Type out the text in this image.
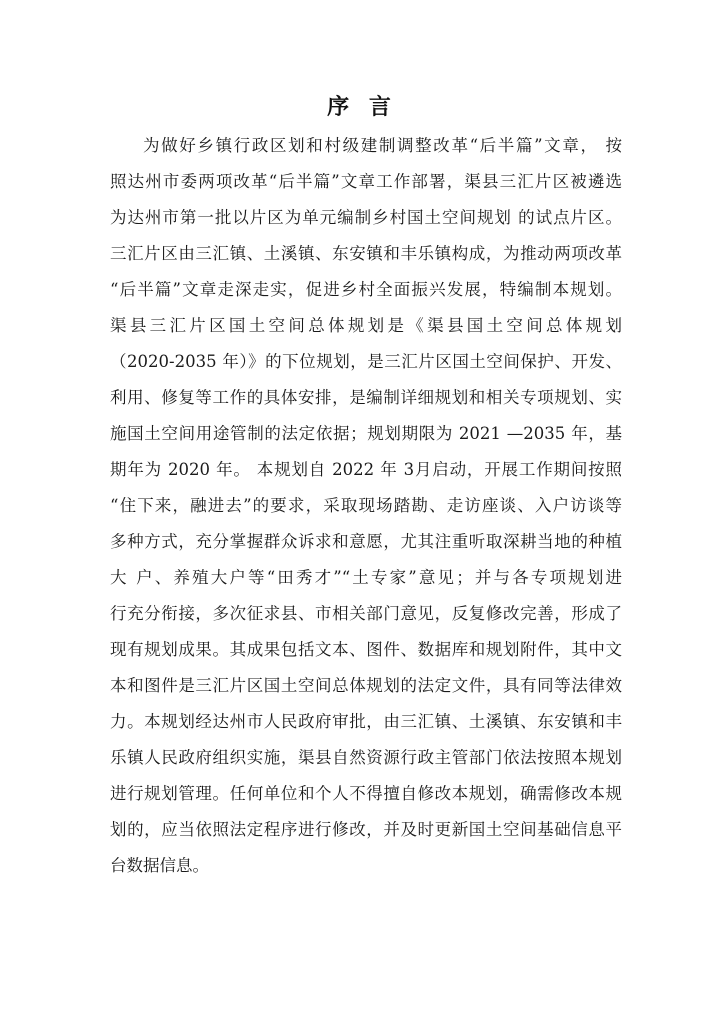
序 言
为做好乡镇行政区划和村级建制调整改革“后半篇”文章， 按
照达州市委两项改革“后半篇”文章工作部署，渠县三汇片区被遴选
为达州市第一批以片区为单元编制乡村国土空间规划 的试点片区。
三汇片区由三汇镇、土溪镇、东安镇和丰乐镇构成，为推动两项改革
“后半篇”文章走深走实，促进乡村全面振兴发展，特编制本规划。
渠县三汇片区国土空间总体规划是《渠县国土空间总体规划
（2020-2035 年）》的下位规划，是三汇片区国土空间保护、开发、
利用、修复等工作的具体安排，是编制详细规划和相关专项规划、实
施国土空间用途管制的法定依据；规划期限为 2021 —2035 年，基
期年为 2020 年。 本规划自 2022 年 3月启动，开展工作期间按照
“住下来，融进去”的要求，采取现场踏勘、走访座谈、入户访谈等
多种方式，充分掌握群众诉求和意愿，尤其注重听取深耕当地的种植
大 户、养殖大户等“田秀才”“土专家”意见；并与各专项规划进
行充分衔接，多次征求县、市相关部门意见，反复修改完善，形成了
现有规划成果。其成果包括文本、图件、数据库和规划附件，其中文
本和图件是三汇片区国土空间总体规划的法定文件，具有同等法律效
力。本规划经达州市人民政府审批，由三汇镇、土溪镇、东安镇和丰
乐镇人民政府组织实施，渠县自然资源行政主管部门依法按照本规划
进行规划管理。任何单位和个人不得擅自修改本规划，确需修改本规
划的，应当依照法定程序进行修改，并及时更新国土空间基础信息平
台数据信息。
